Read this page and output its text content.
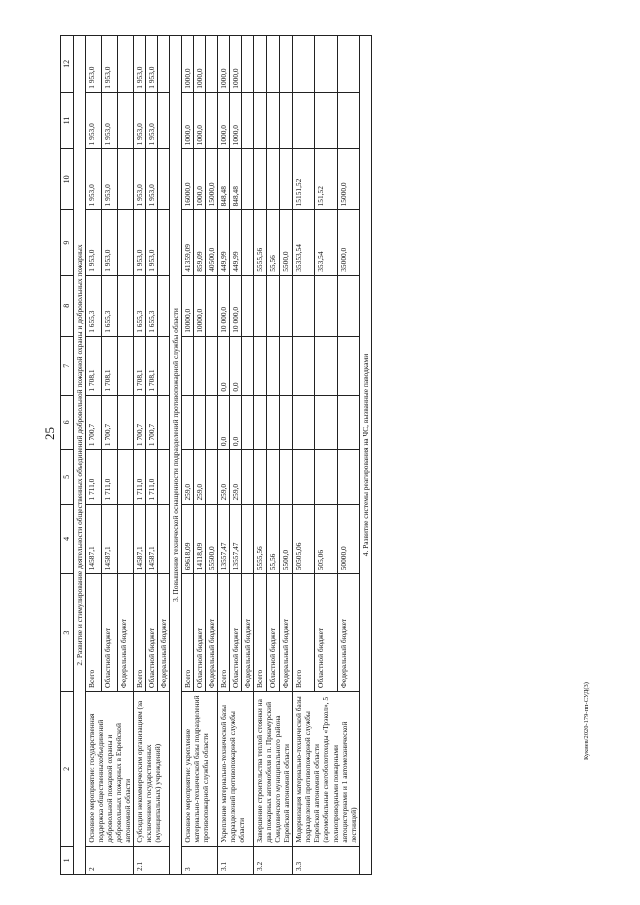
25
Кукиев/2020-179-пп-СУД(3)
1	2	3	4	5	6	7	8	9	10	11	12
2. Развитие и стимулирование деятельности общественных объединений добровольной пожарной охраны и добровольных пожарных											
2	Основное мероприятие: государственная поддержка общественныхобъединений добровольной пожарной охраны и добровольных пожарных в Еврейской автономной области	Всего	14587,1	1 711,0	1 700,7	1 708,1	1 655,3	1 953,0	1 953,0	1 953,0	1 953,0
		Областной бюджет	14587,1	1 711,0	1 700,7	1 708,1	1 655,3	1 953,0	1 953,0	1 953,0	1 953,0
		Федеральный бюджет									
2.1	Субсидии некоммерческим организациям (за исключением государственных (муниципальных) учреждений)	Всего	14587,1	1 711,0	1 700,7	1 708,1	1 655,3	1 953,0	1 953,0	1 953,0	1 953,0
		Областной бюджет	14587,1	1 711,0	1 700,7	1 708,1	1 655,3	1 953,0	1 953,0	1 953,0	1 953,0
		Федеральный бюджет									
3. Повышение технической оснащенности подразделений противопожарной службы области											
3	Основное мероприятие: укрепление материально-технической базы подразделений противопожарной службы области	Всего	69618,09	259,0			10000,0	41359,09	16000,0	1000,0	1000,0
		Областной бюджет	14118,09	259,0			10000,0	859,09	1000,0	1000,0	1000,0
		Федеральный бюджет	55500,0					40500,0	15000,0		
3.1	Укрепление материально-технической базы подразделений противопожарной службы области	Всего	13557,47	259,0	0,0	0,0	10 000,0	449,99	848,48	1000,0	1000,0
		Областной бюджет	13557,47	259,0	0,0	0,0	10 000,0	449,99	848,48	1000,0	1000,0
		Федеральный бюджет									
3.2	Завершение строительства теплой стоянки на два пожарных автомобиля в п. Приамурский Смидовичского муниципального района Еврейской автономной области	Всего	5555,56					5555,56			
		Областной бюджет	55,56					55,56			
		Федеральный бюджет	5500,0					5500,0			
3.3	Модернизация материально-технической базы подразделений противопожарной службы Еврейской автономной области (аэромобильные снегоболотоходы «Трэкол», 5 полноприводными пожарными автоцистернами и 1 автомеханической лестницей)	Всего	50505,06					35353,54	15151,52		
		Областной бюджет	505,06					353,54	151,52		
		Федеральный бюджет	50000,0					35000,0	15000,0		
4. Развитие системы реагирования на ЧС, вызванные паводками											
